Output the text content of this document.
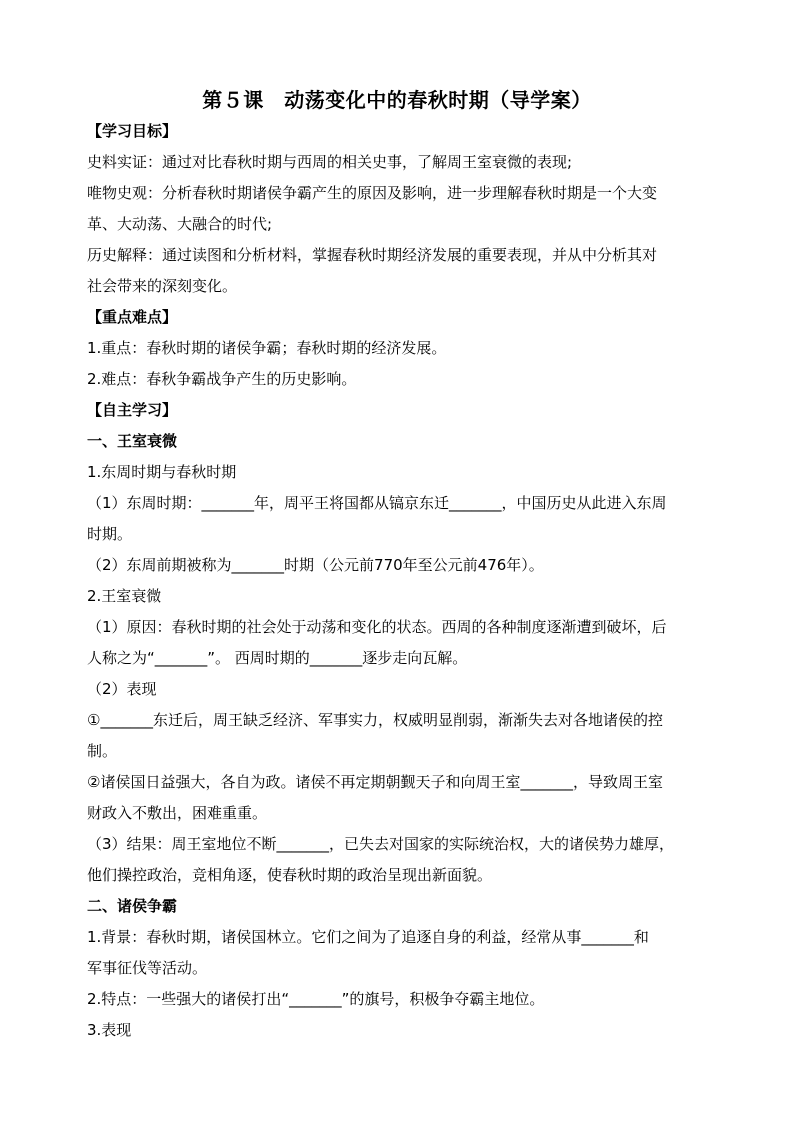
第５课　动荡变化中的春秋时期（导学案）
【学习目标】
史料实证：通过对比春秋时期与西周的相关史事，了解周王室衰微的表现;
唯物史观：分析春秋时期诸侯争霸产生的原因及影响，进一步理解春秋时期是一个大变
革、大动荡、大融合的时代;
历史解释：通过读图和分析材料，掌握春秋时期经济发展的重要表现，并从中分析其对
社会带来的深刻变化。
【重点难点】
1.重点：春秋时期的诸侯争霸；春秋时期的经济发展。
2.难点：春秋争霸战争产生的历史影响。
【自主学习】
一、王室衰微
1.东周时期与春秋时期
（1）东周时期：_______年，周平王将国都从镐京东迁_______，中国历史从此进入东周
时期。
（2）东周前期被称为_______时期（公元前770年至公元前476年）。
2.王室衰微
（1）原因：春秋时期的社会处于动荡和变化的状态。西周的各种制度逐渐遭到破坏，后
人称之为“_______”。 西周时期的_______逐步走向瓦解。
（2）表现
①_______东迁后，周王缺乏经济、军事实力，权威明显削弱，渐渐失去对各地诸侯的控
制。
②诸侯国日益强大，各自为政。诸侯不再定期朝觐天子和向周王室_______，导致周王室
财政入不敷出，困难重重。
（3）结果：周王室地位不断_______，已失去对国家的实际统治权，大的诸侯势力雄厚，
他们操控政治，竞相角逐，使春秋时期的政治呈现出新面貌。
二、诸侯争霸
1.背景：春秋时期，诸侯国林立。它们之间为了追逐自身的利益，经常从事_______和
军事征伐等活动。
2.特点：一些强大的诸侯打出“_______”的旗号，积极争夺霸主地位。
3.表现
